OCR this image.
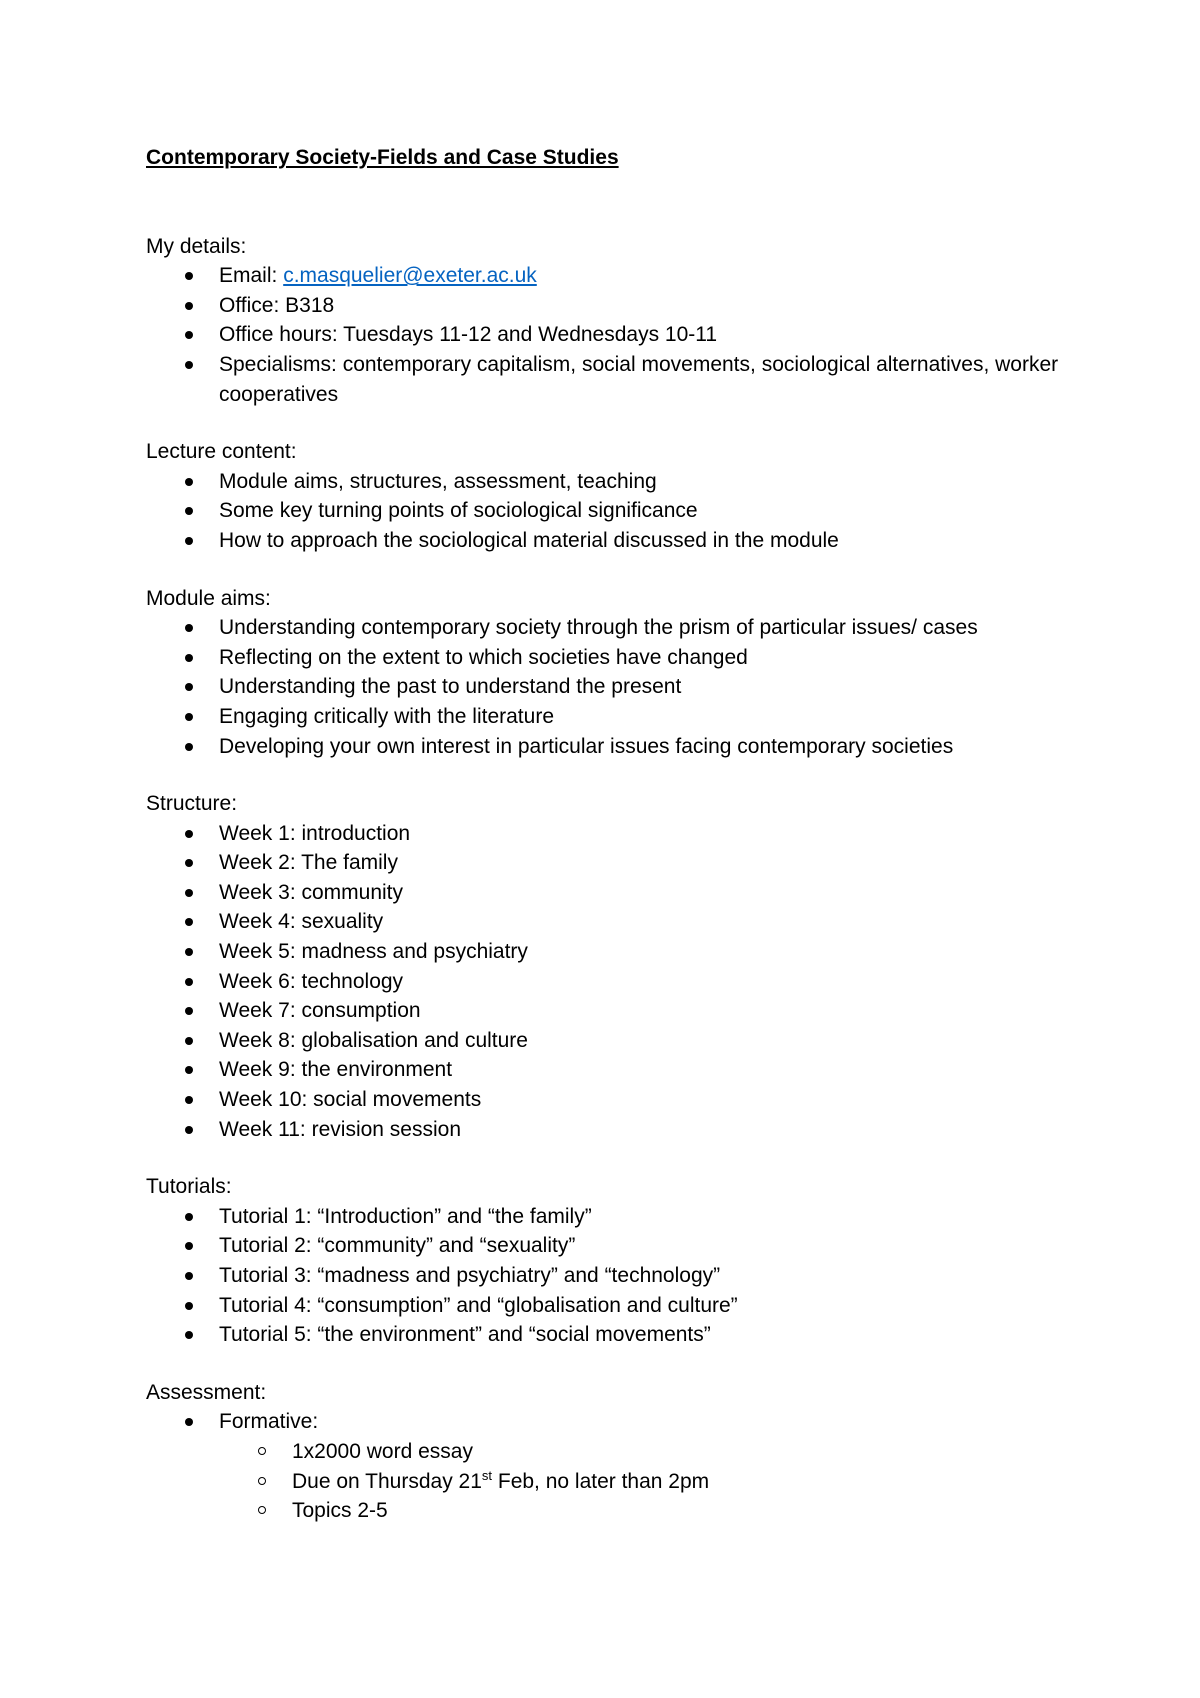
Contemporary Society-Fields and Case Studies

My details:

Email: c.masquelier@exeter.ac.uk
Office: B318
Office hours: Tuesdays 11-12 and Wednesdays 10-11
Specialisms: contemporary capitalism, social movements, sociological alternatives, worker cooperatives

Lecture content:

Module aims, structures, assessment, teaching
Some key turning points of sociological significance
How to approach the sociological material discussed in the module

Module aims:

Understanding contemporary society through the prism of particular issues/ cases
Reflecting on the extent to which societies have changed
Understanding the past to understand the present
Engaging critically with the literature
Developing your own interest in particular issues facing contemporary societies

Structure:

Week 1: introduction
Week 2: The family
Week 3: community
Week 4: sexuality
Week 5: madness and psychiatry
Week 6: technology
Week 7: consumption
Week 8: globalisation and culture
Week 9: the environment
Week 10: social movements
Week 11: revision session

Tutorials:

Tutorial 1: “Introduction” and “the family”
Tutorial 2: “community” and “sexuality”
Tutorial 3: “madness and psychiatry” and “technology”
Tutorial 4: “consumption” and “globalisation and culture”
Tutorial 5: “the environment” and “social movements”

Assessment:

Formative:
1x2000 word essay
Due on Thursday 21st Feb, no later than 2pm
Topics 2-5
